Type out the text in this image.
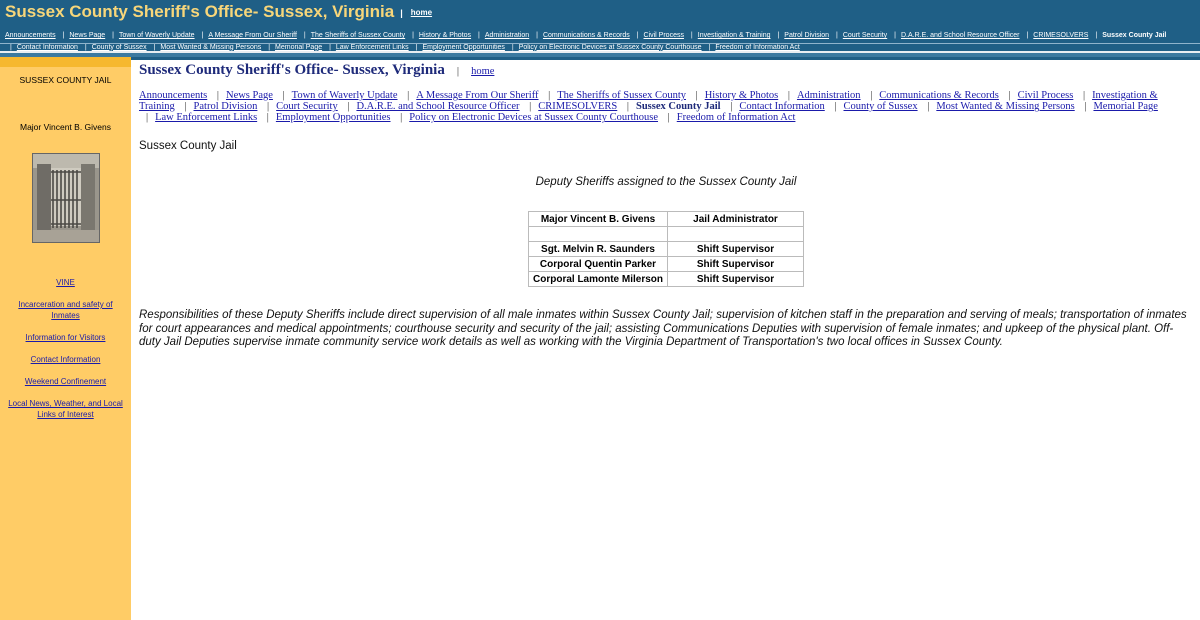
Sussex County Sheriff's Office- Sussex, Virginia | home
Announcements | News Page | Town of Waverly Update | A Message From Our Sheriff | The Sheriffs of Sussex County | History & Photos | Administration | Communications & Records | Civil Process | Investigation & Training | Patrol Division | Court Security | D.A.R.E. and School Resource Officer | CRIMESOLVERS | Sussex County Jail | Contact Information | County of Sussex | Most Wanted & Missing Persons | Memorial Page | Law Enforcement Links | Employment Opportunities | Policy on Electronic Devices at Sussex County Courthouse | Freedom of Information Act
SUSSEX COUNTY JAIL
Major Vincent B. Givens
VINE
Incarceration and safety of Inmates
Information for Visitors
Contact Information
Weekend Confinement
Local News, Weather, and Local Links of Interest
Sussex County Sheriff's Office- Sussex, Virginia | home
Announcements | News Page | Town of Waverly Update | A Message From Our Sheriff | The Sheriffs of Sussex County | History & Photos | Administration | Communications & Records | Civil Process | Investigation & Training | Patrol Division | Court Security | D.A.R.E. and School Resource Officer | CRIMESOLVERS | Sussex County Jail | Contact Information | County of Sussex | Most Wanted & Missing Persons | Memorial Page | Law Enforcement Links | Employment Opportunities | Policy on Electronic Devices at Sussex County Courthouse | Freedom of Information Act
Sussex County Jail
Deputy Sheriffs assigned to the Sussex County Jail
Major Vincent B. Givens	Jail Administrator

Sgt. Melvin R. Saunders	Shift Supervisor
Corporal Quentin Parker	Shift Supervisor
Corporal Lamonte Milerson	Shift Supervisor
Responsibilities of these Deputy Sheriffs include direct supervision of all male inmates within Sussex County Jail; supervision of kitchen staff in the preparation and serving of meals; transportation of inmates for court appearances and medical appointments; courthouse security and security of the jail; assisting Communications Deputies with supervision of female inmates; and upkeep of the physical plant. Off-duty Jail Deputies supervise inmate community service work details as well as working with the Virginia Department of Transportation's two local offices in Sussex County.
